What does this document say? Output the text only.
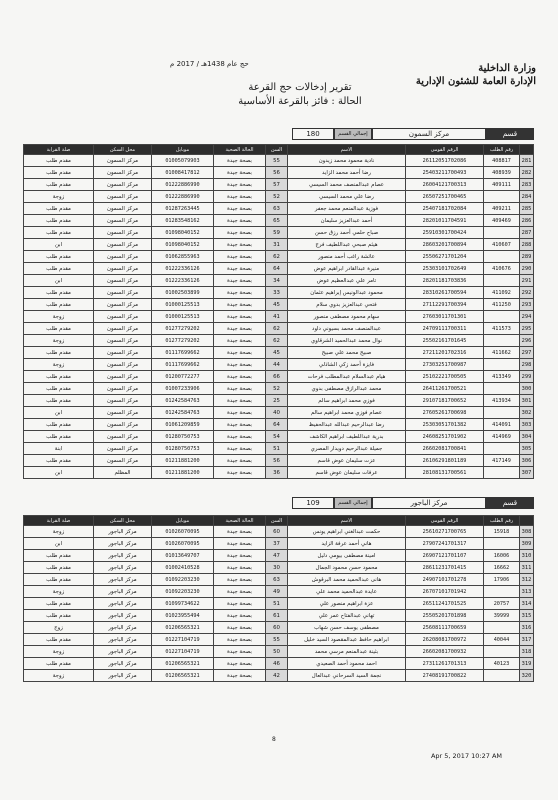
وزارة الداخلية
الإدارة العامة للشئون الإدارية
حج عام 1438هـ / 2017 م
تقرير إدخالات حج القرعة
الحالة : فائز بالقرعة الأساسية
قسم
مركز السمون
إجمالي القسم
180
	رقم الطلب	الرقم القومى	الاسم	السن	الحالة الصحية	موبايل	محل السكن	صلة القرابة
281	408817	26112051702086	نادية محمود محمد زيدون	55	بصحة جيدة	01005079903	مركز السمون	مقدم طلب
282	408939	25403211700493	رضا أحمد محمد الزايد	56	بصحة جيدة	01008417812	مركز السمون	مقدم طلب
283	409111	26004121700313	عصام عبدالمنصف محمد السيسي	57	بصحة جيدة	01222886990	مركز السمون	مقدم طلب
284		26507251700465	رضا علي محمد السيسي	52	بصحة جيدة	01222886990	مركز السمون	زوجة
285	409211	25407181702084	فوزية عبدالمنعم محمد جعفر	63	بصحة جيدة	01287263445	مركز السمون	مقدم طلب
286	409469	28201011704591	أحمد عبدالعزيز سليمان	65	بصحة جيدة	01283548162	مركز السمون	مقدم طلب
287		25910301700424	صباح حلمي أحمد رزق حسن	59	بصحة جيدة	01098040152	مركز السمون	مقدم طلب
288	410607	28603201700894	هيثم صبحي عبداللطيف فرج	31	بصحة جيدة	01098040152	مركز السمون	ابن
289		25506271701204	عائشة راغب أحمد منصور	62	بصحة جيدة	01062855963	مركز السمون	مقدم طلب
290	410676	25303101702649	منيرة عبدالقادر ابراهيم عوض	64	بصحة جيدة	01222336126	مركز السمون	مقدم طلب
291		28201181703836	تامر علي عبدالعظيم عوض	34	بصحة جيدة	01222336126	مركز السمون	ابن
292	411092	28310261700594	محمود عبدالونيس إبراهيم عثمان	33	بصحة جيدة	01002503899	مركز السمون	مقدم طلب
293	411250	27112291700394	فتحي عبدالعزيز بدوي سلام	45	بصحة جيدة	01000125513	مركز السمون	مقدم طلب
294		27603011701301	سهام محمود مصطفى منصور	41	بصحة جيدة	01000125513	مركز السمون	زوجة
295	411573	24709111700311	عبدالمنصف محمد بسيوني داود	62	بصحة جيدة	01277279202	مركز السمون	مقدم طلب
296		25502161701645	نوال محمد عبدالحميد الشرقاوي	62	بصحة جيدة	01277279202	مركز السمون	زوجة
297	411662	27211201702316	صبيح محمد علي صبيح	45	بصحة جيدة	01117699662	مركز السمون	مقدم طلب
298		27303251700987	فايزة أحمد زكي الشاذلي	44	بصحة جيدة	01117699662	مركز السمون	زوجة
299	413349	25102221700505	هيام عبدالسلام عبدالمطلب فرحات	66	بصحة جيدة	01200772277	مركز السمون	مقدم طلب
300		26411261700521	محمد عبدالرازق مصطفى بدوي	52	بصحة جيدة	01007233906	مركز السمون	مقدم طلب
301	413934	29107181700652	فوزي محمد ابراهيم سالم	25	بصحة جيدة	01242584763	مركز السمون	مقدم طلب
302		27605261700698	عصام فوزي محمد ابراهيم سالم	40	بصحة جيدة	01242584763	مركز السمون	ابن
303	414091	25303051701382	رضا عبدالرحيم عبدالله عبدالحفيظ	64	بصحة جيدة	01061209859	مركز السمون	مقدم طلب
304	414969	24608251701902	بدرية عبداللطيف ابراهيم الكاشف	54	بصحة جيدة	01280750753	مركز السمون	مقدم طلب
305		26602081700841	جميلة عبدالرحيم دويدار المصري	51	بصحة جيدة	01280750753	مركز السمون	ابنة
306	417149	26106291801189	عزت سليمان عوض قاسم	56	بصحة جيدة	01211881200	مركز السمون	مقدم طلب
307		28108131700561	عرفات سليمان عوض قاسم	36	بصحة جيدة	01211881200	المظلم	ابن
قسم
مركز الباجور
إجمالي القسم
109
	رقم الطلب	الرقم القومى	الاسم	السن	الحالة الصحية	موبايل	محل السكن	صلة القرابة
308	15918	25610271700765	حكمت عبدالغني ابراهيم يونس	60	بصحة جيدة	01026070095	مركز الباجور	زوجة
309		27907241701317	هاني أحمد عرفة الزايد	37	بصحة جيدة	01026070095	مركز الباجور	ابن
310	16006	26907121701107	امينة مصطفى بيومي دليل	47	بصحة جيدة	01013649707	مركز الباجور	مقدم طلب
311	16662	28611231701415	محمود حسن محمود الجمال	30	بصحة جيدة	01002410528	مركز الباجور	مقدم طلب
312	17906	24907101701278	هانى عبدالحميد محمد البرقوش	63	بصحة جيدة	01092203230	مركز الباجور	مقدم طلب
313		26707101701942	عايدة عبدالحميد محمد علي	49	بصحة جيدة	01092203230	مركز الباجور	زوجة
314	20757	26511241701525	عزة ابراهيم منصور علي	51	بصحة جيدة	01099734622	مركز الباجور	مقدم طلب
315	39999	25505201701898	تهاني عبدالفتاح عمر علي	61	بصحة جيدة	01023955494	مركز الباجور	مقدم طلب
316		25608111700659	مصطفى يوسف حسن شهاب	60	بصحة جيدة	01206565321	مركز الباجور	زوج
317	40044	26208081700972	ابراهيم حافظ عبدالمقصود السيد خليل	55	بصحة جيدة	01227104719	مركز الباجور	مقدم طلب
318		26602081700932	بثينة عبدالمنعم مرسي محمد	50	بصحة جيدة	01227104719	مركز الباجور	زوجة
319	40123	27311261701313	احمد محمود أحمد الصعيدي	46	بصحة جيدة	01206565321	مركز الباجور	مقدم طلب
320		27408191700822	نجمة السيد السرحاني عبدالعال	42	بصحة جيدة	01206565321	مركز الباجور	زوجة
8
Apr 5, 2017 10:27 AM
